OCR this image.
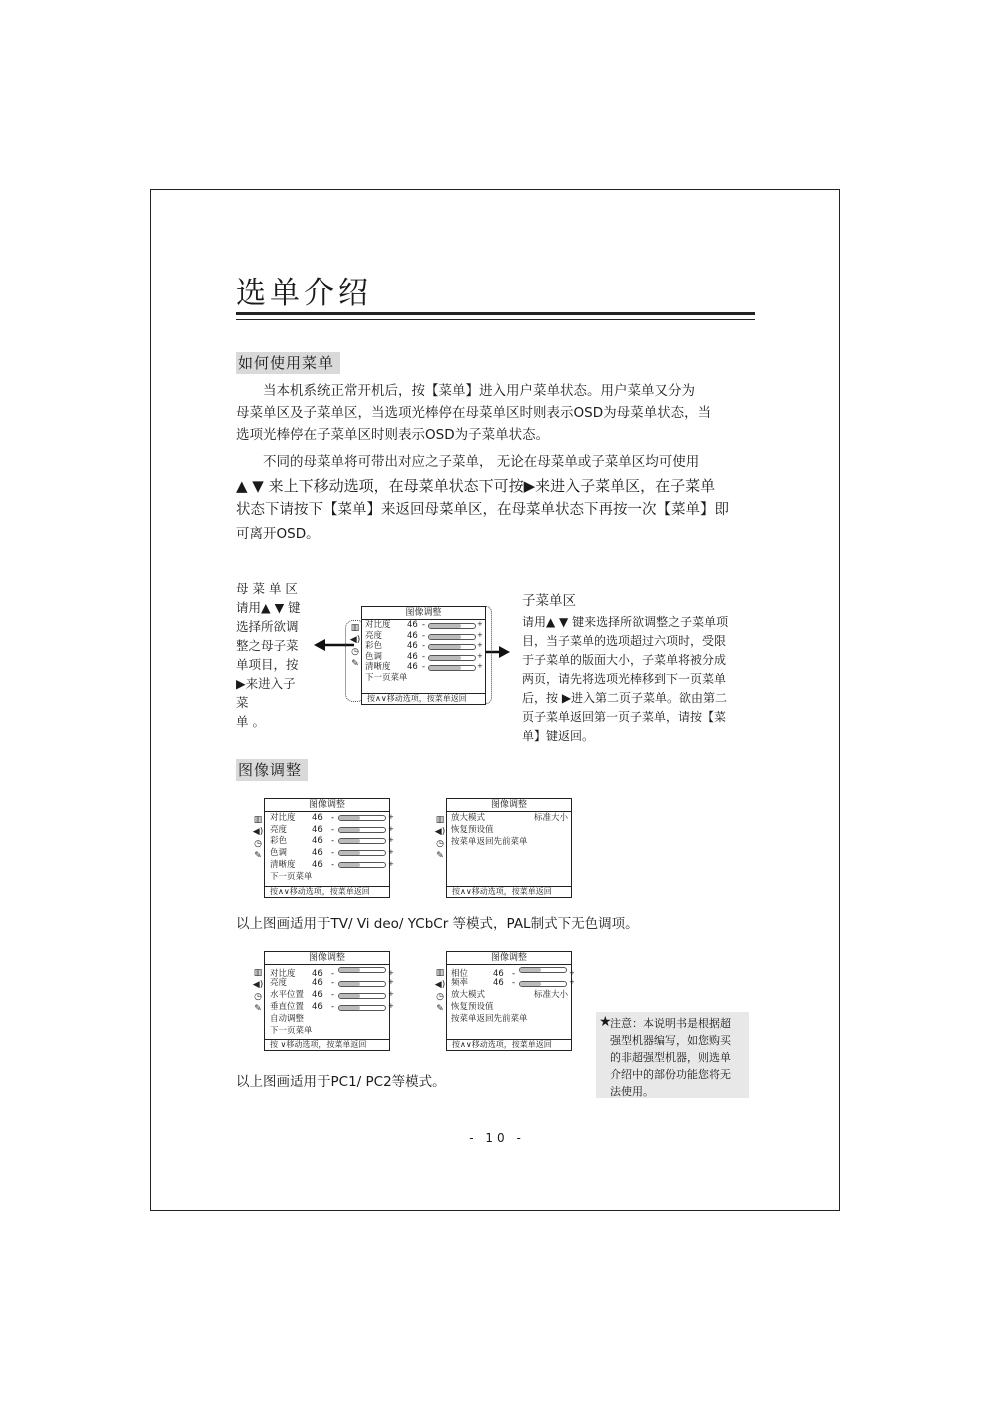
选单介绍
如何使用菜单

当本机系统正常开机后，按【菜单】进入用户菜单状态。用户菜单又分为
母菜单区及子菜单区，当选项光棒停在母菜单区时则表示OSD为母菜单状态，当
选项光棒停在子菜单区时则表示OSD为子菜单状态。

不同的母菜单将可带出对应之子菜单， 无论在母菜单或子菜单区均可使用
▲ ▼ 来上下移动选项，在母菜单状态下可按▶来进入子菜单区，在子菜单
状态下请按下【菜单】来返回母菜单区，在母菜单状态下再按一次【菜单】即
可离开OSD。

母 菜 单 区
请用▲ ▼ 键
选择所欲调
整之母子菜
单项目，按
▶来进入子菜
单 。

▥
◀)
◷
✎
图像调整
对比度 46 -	+
亮度	46 -	+
彩色	46 -	+
色调	46 -	+
清晰度 46 -	+
下一页菜单
按∧∨移动选项，按菜单返回

子菜单区
请用▲ ▼ 键来选择所欲调整之子菜单项
目，当子菜单的选项超过六项时，受限
于子菜单的版面大小，子菜单将被分成
两页，请先将选项光棒移到下一页菜单
后，按 ▶进入第二页子菜单。欲由第二
页子菜单返回第一页子菜单，请按【菜
单】键返回。

图像调整
▥
◀)
◷
✎
图像调整
对比度 46 -	+
亮度	46 -	+
彩色	46 -	+
色调	46 -	+
清晰度 46 -	+
下一页菜单
按∧∨移动选项，按菜单返回
▥
◀)
◷
✎
图像调整
放大模式	标准大小
恢复预设值
按菜单返回先前菜单
按∧∨移动选项，按菜单返回

以上图画适用于TV/ Vi deo/ YCbCr 等模式，PAL制式下无色调项。

▥
◀)
◷
✎
图像调整
对比度 46 -	+
亮度	46 -	+
水平位置 46 -	+
垂直位置 46 -	+
自动调整
下一页菜单
按 ∨移动选项，按菜单返回
▥
◀)
◷
✎
图像调整
相位	46 -	+
频率	46 -	+
放大模式	标准大小
恢复预设值
按菜单返回先前菜单
按∧∨移动选项，按菜单返回

以上图画适用于PC1/ PC2等模式。

★
注意：本说明书是根据超
强型机器编写，如您购买
的非超强型机器，则选单
介绍中的部份功能您将无
法使用。

- 10 -
